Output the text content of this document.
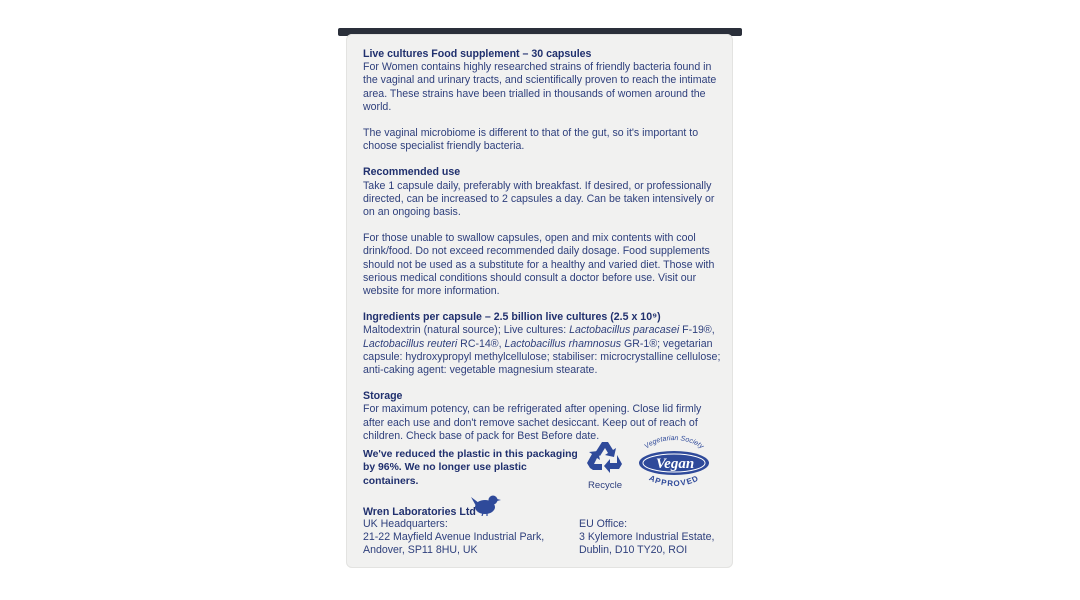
Live cultures Food supplement – 30 capsules

For Women contains highly researched strains of friendly bacteria found in the vaginal and urinary tracts, and scientifically proven to reach the intimate area. These strains have been trialled in thousands of women around the world.

The vaginal microbiome is different to that of the gut, so it's important to choose specialist friendly bacteria.

Recommended use

Take 1 capsule daily, preferably with breakfast. If desired, or professionally directed, can be increased to 2 capsules a day. Can be taken intensively or on an ongoing basis.

For those unable to swallow capsules, open and mix contents with cool drink/food. Do not exceed recommended daily dosage. Food supplements should not be used as a substitute for a healthy and varied diet. Those with serious medical conditions should consult a doctor before use. Visit our website for more information.

Ingredients per capsule – 2.5 billion live cultures (2.5 x 10⁹)

Maltodextrin (natural source); Live cultures: Lactobacillus paracasei F-19®, Lactobacillus reuteri RC-14®, Lactobacillus rhamnosus GR-1®; vegetarian capsule: hydroxypropyl methylcellulose; stabiliser: microcrystalline cellulose; anti-caking agent: vegetable magnesium stearate.

Storage

For maximum potency, can be refrigerated after opening. Close lid firmly after each use and don't remove sachet desiccant. Keep out of reach of children. Check base of pack for Best Before date.

We've reduced the plastic in this packaging by 96%. We no longer use plastic containers.	Recycle
Vegetarian Society
Vegan
APPROVED
Wren Laboratories Ltd
UK Headquarters:
21-22 Mayfield Avenue Industrial Park,
Andover, SP11 8HU, UK
EU Office:
3 Kylemore Industrial Estate,
Dublin, D10 TY20, ROI
